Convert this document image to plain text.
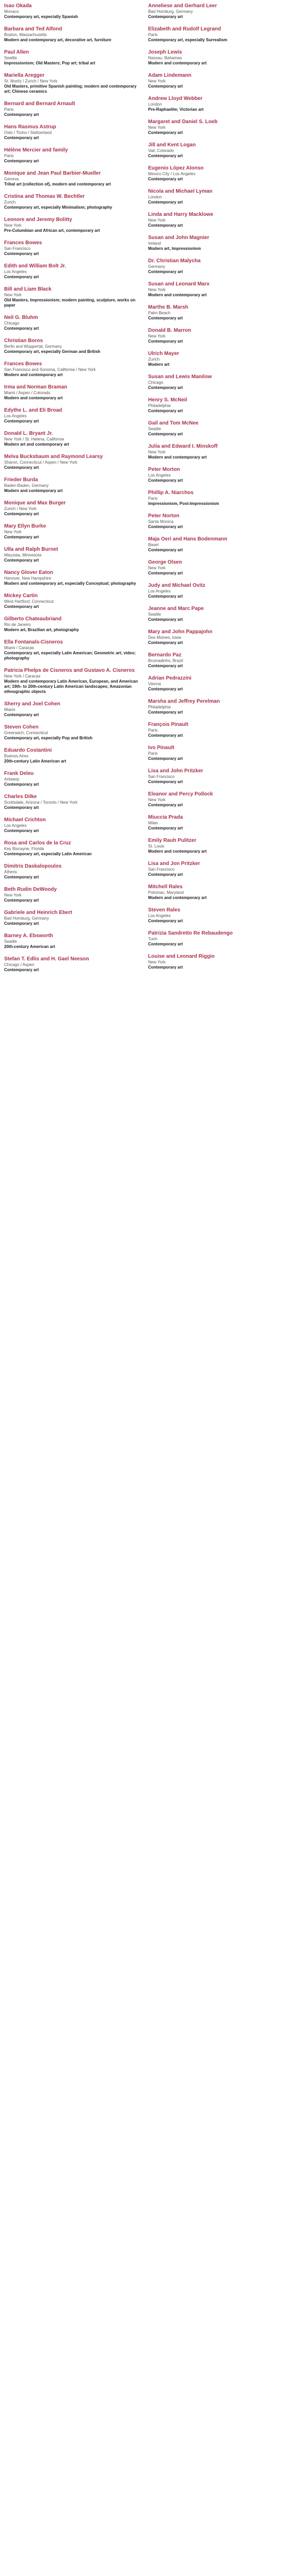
Isao Okada
Monaco
Contemporary art, especially Spanish
Barbara and Ted Alfond
Boston, Massachusetts
Modern and contemporary art, decorative art, furniture
Paul Allen
Seattle
Impressionism; Old Masters; Pop art; tribal art
Mariella Aregger
St. Moritz / Zurich / New York
Old Masters, primitive Spanish painting; modern and contemporary art; Chinese ceramics
Bernard and Bernard Arnault
Paris
Contemporary art
Hans Rasmus Astrup
Oslo / Ticino / Switzerland
Contemporary art
Hélène Mercier and family
Paris
Contemporary art
Monique and Jean Paul Barbier-Mueller
Geneva
Tribal art (collection of), modern and contemporary art
Cristina and Thomas W. Bechtler
Zurich
Contemporary art, especially Minimalism; photography
Leonore and Jeremy Bolitty
New York
Pre-Columbian and African art, contemporary art
Frances Bowes
San Francisco
Contemporary art
Edith and William Bolt Jr.
Los Angeles
Contemporary art
Bill and Liam Black
New York
Old Masters, Impressionism; modern painting, sculpture, works on paper
Neil G. Bluhm
Chicago
Contemporary art
Christian Boros
Berlin and Wuppertal, Germany
Contemporary art, especially German and British
Frances Bowes
San Francisco and Sonoma, California / New York
Modern and contemporary art
Irma and Norman Braman
Miami / Aspen / Colorado
Modern and contemporary art
Edythe L. and Eli Broad
Los Angeles
Contemporary art
Donald L. Bryant Jr.
New York / St. Helena, California
Modern art and contemporary art
Melva Bucksbaum and Raymond Learsy
Sharon, Connecticut / Aspen / New York
Contemporary art
Frieder Burda
Baden-Baden, Germany
Modern and contemporary art
Monique and Max Burger
Zurich / New York
Contemporary art
Mary Ellyn Burke
New York
Contemporary art
Ulla and Ralph Burnet
Wayzata, Minnesota
Contemporary art
Nancy Glover Eaton
Hanover, New Hampshire
Modern and contemporary art, especially Conceptual; photography
Mickey Cartin
West Hartford, Connecticut
Contemporary art
Gilberto Chateaubriand
Rio de Janeiro
Modern art, Brazilian art, photography
Ella Fontanals-Cisneros
Miami / Caracas
Contemporary art, especially Latin American; Geometric art; video; photography
Patricia Phelps de Cisneros and Gustavo A. Cisneros
New York / Caracas
Modern and contemporary Latin American, European, and American art; 19th- to 20th-century Latin American landscapes; Amazonian ethnographic objects
Sherry and Joel Cohen
Miami
Contemporary art
Steven Cohen
Greenwich, Connecticut
Contemporary art, especially Pop and British
Eduardo Costantini
Buenos Aires
20th-century Latin American art
Frank Deleu
Antwerp
Contemporary art
Charles Dilke
Scottsdale, Arizona / Toronto / New York
Contemporary art
Michael Crichton
Los Angeles
Contemporary art
Rosa and Carlos de la Cruz
Key Biscayne, Florida
Contemporary art, especially Latin American
Dimitris Daskalopoulos
Athens
Contemporary art
Beth Rudin DeWoody
New York
Contemporary art
Gabriele and Heinrich Ebert
Bad Homburg, Germany
Contemporary art
Barney A. Ebsworth
Seattle
20th-century American art
Stefan T. Edlis and H. Gael Neeson
Chicago / Aspen
Contemporary art
Anneliese and Gerhard Leer
Bad Homburg, Germany
Contemporary art
Elizabeth and Rudolf Legrand
Paris
Contemporary art, especially Surrealism
Joseph Lewis
Nassau, Bahamas
Modern and contemporary art
Adam Lindemann
New York
Contemporary art
Andrew Lloyd Webber
London
Pre-Raphaelite; Victorian art
Margaret and Daniel S. Loeb
New York
Contemporary art
Jill and Kent Logan
Vail, Colorado
Contemporary art
Eugenio López Alonso
Mexico City / Los Angeles
Contemporary art
Nicola and Michael Lyman
London
Contemporary art
Linda and Harry Macklowe
New York
Contemporary art
Susan and John Magnier
Ireland
Modern art, Impressionism
Dr. Christian Malycha
Germany
Contemporary art
Susan and Leonard Marx
New York
Modern and contemporary art
Marthe B. Marsh
Palm Beach
Contemporary art
Donald B. Marron
New York
Contemporary art
Ulrich Mayer
Zurich
Modern art
Susan and Lewis Manilow
Chicago
Contemporary art
Henry S. McNeil
Philadelphia
Contemporary art
Gail and Tom McNee
Seattle
Contemporary art
Julia and Edward I. Minskoff
New York
Modern and contemporary art
Peter Morton
Los Angeles
Contemporary art
Phillip A. Niarchos
Paris
Impressionism, Post-Impressionism
Peter Norton
Santa Monica
Contemporary art
Maja Oeri and Hans Bodenmann
Basel
Contemporary art
George Olsen
New York
Contemporary art
Judy and Michael Ovitz
Los Angeles
Contemporary art
Jeanne and Marc Pape
Seattle
Contemporary art
Mary and John Pappajohn
Des Moines, Iowa
Contemporary art
Bernardo Paz
Brumadinho, Brazil
Contemporary art
Adrian Pedrazzini
Vienna
Contemporary art
Marsha and Jeffrey Perelman
Philadelphia
Contemporary art
François Pinault
Paris
Contemporary art
Ivo Pinault
Paris
Contemporary art
Lisa and John Pritzker
San Francisco
Contemporary art
Eleanor and Percy Pollock
New York
Contemporary art
Miuccia Prada
Milan
Contemporary art
Emily Rauh Pulitzer
St. Louis
Modern and contemporary art
Lisa and Jon Pritzker
San Francisco
Contemporary art
Mitchell Rales
Potomac, Maryland
Modern and contemporary art
Steven Rales
Los Angeles
Contemporary art
Patrizia Sandretto Re Rebaudengo
Turin
Contemporary art
Louise and Leonard Riggio
New York
Contemporary art
